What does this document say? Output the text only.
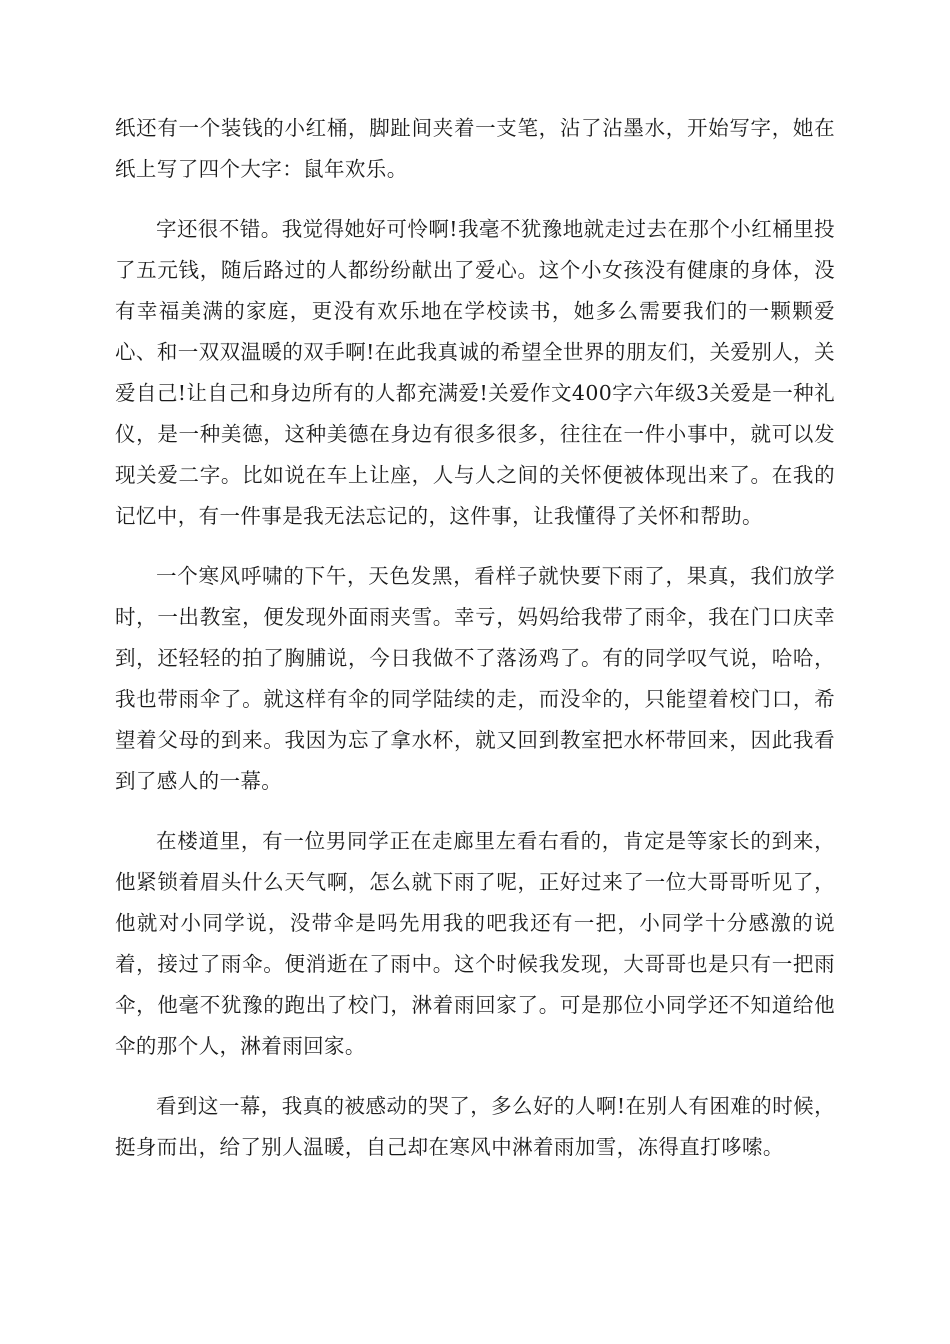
纸还有一个装钱的小红桶，脚趾间夹着一支笔，沾了沾墨水，开始写字，她在纸上写了四个大字：鼠年欢乐。

字还很不错。我觉得她好可怜啊!我毫不犹豫地就走过去在那个小红桶里投了五元钱，随后路过的人都纷纷献出了爱心。这个小女孩没有健康的身体，没有幸福美满的家庭，更没有欢乐地在学校读书，她多么需要我们的一颗颗爱心、和一双双温暖的双手啊!在此我真诚的希望全世界的朋友们，关爱别人，关爱自己!让自己和身边所有的人都充满爱!关爱作文400字六年级3关爱是一种礼仪，是一种美德，这种美德在身边有很多很多，往往在一件小事中，就可以发现关爱二字。比如说在车上让座，人与人之间的关怀便被体现出来了。在我的记忆中，有一件事是我无法忘记的，这件事，让我懂得了关怀和帮助。

一个寒风呼啸的下午，天色发黑，看样子就快要下雨了，果真，我们放学时，一出教室，便发现外面雨夹雪。幸亏，妈妈给我带了雨伞，我在门口庆幸到，还轻轻的拍了胸脯说，今日我做不了落汤鸡了。有的同学叹气说，哈哈，我也带雨伞了。就这样有伞的同学陆续的走，而没伞的，只能望着校门口，希望着父母的到来。我因为忘了拿水杯，就又回到教室把水杯带回来，因此我看到了感人的一幕。

在楼道里，有一位男同学正在走廊里左看右看的，肯定是等家长的到来，他紧锁着眉头什么天气啊，怎么就下雨了呢，正好过来了一位大哥哥听见了，他就对小同学说，没带伞是吗先用我的吧我还有一把，小同学十分感激的说着，接过了雨伞。便消逝在了雨中。这个时候我发现，大哥哥也是只有一把雨伞，他毫不犹豫的跑出了校门，淋着雨回家了。可是那位小同学还不知道给他伞的那个人，淋着雨回家。

看到这一幕，我真的被感动的哭了，多么好的人啊!在别人有困难的时候，挺身而出，给了别人温暖，自己却在寒风中淋着雨加雪，冻得直打哆嗦。
